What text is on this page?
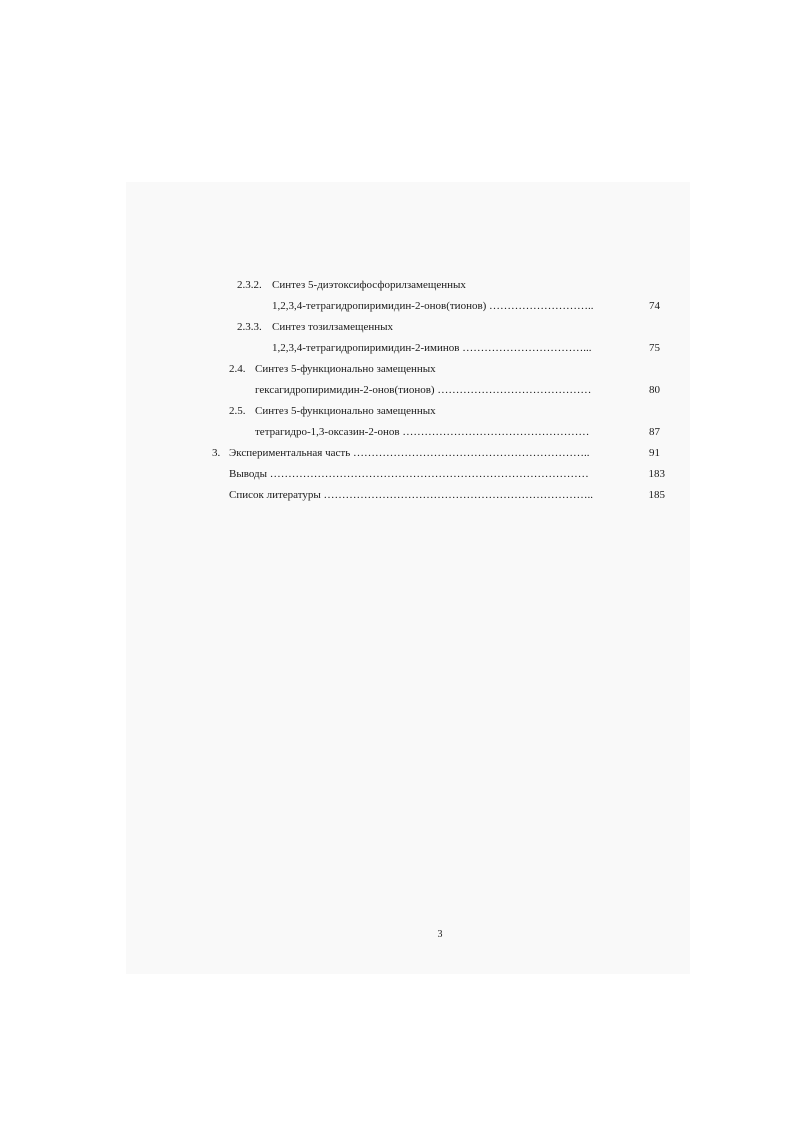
2.3.2. Синтез 5-диэтоксифосфорилзамещенных
1,2,3,4-тетрагидропиримидин-2-онов(тионов) ………………………..	74
2.3.3. Синтез тозилзамещенных
1,2,3,4-тетрагидропиримидин-2-иминов ……………………………...	75
2.4. Синтез 5-функционально замещенных
гексагидропиримидин-2-онов(тионов) ……………………………………	80
2.5. Синтез 5-функционально замещенных
тетрагидро-1,3-оксазин-2-онов ……………………………………………	87
3. Экспериментальная часть ………………………………………………………..	91
Выводы ……………………………………………………………………………	183
Список литературы ………………………………………………………………..	185
3
